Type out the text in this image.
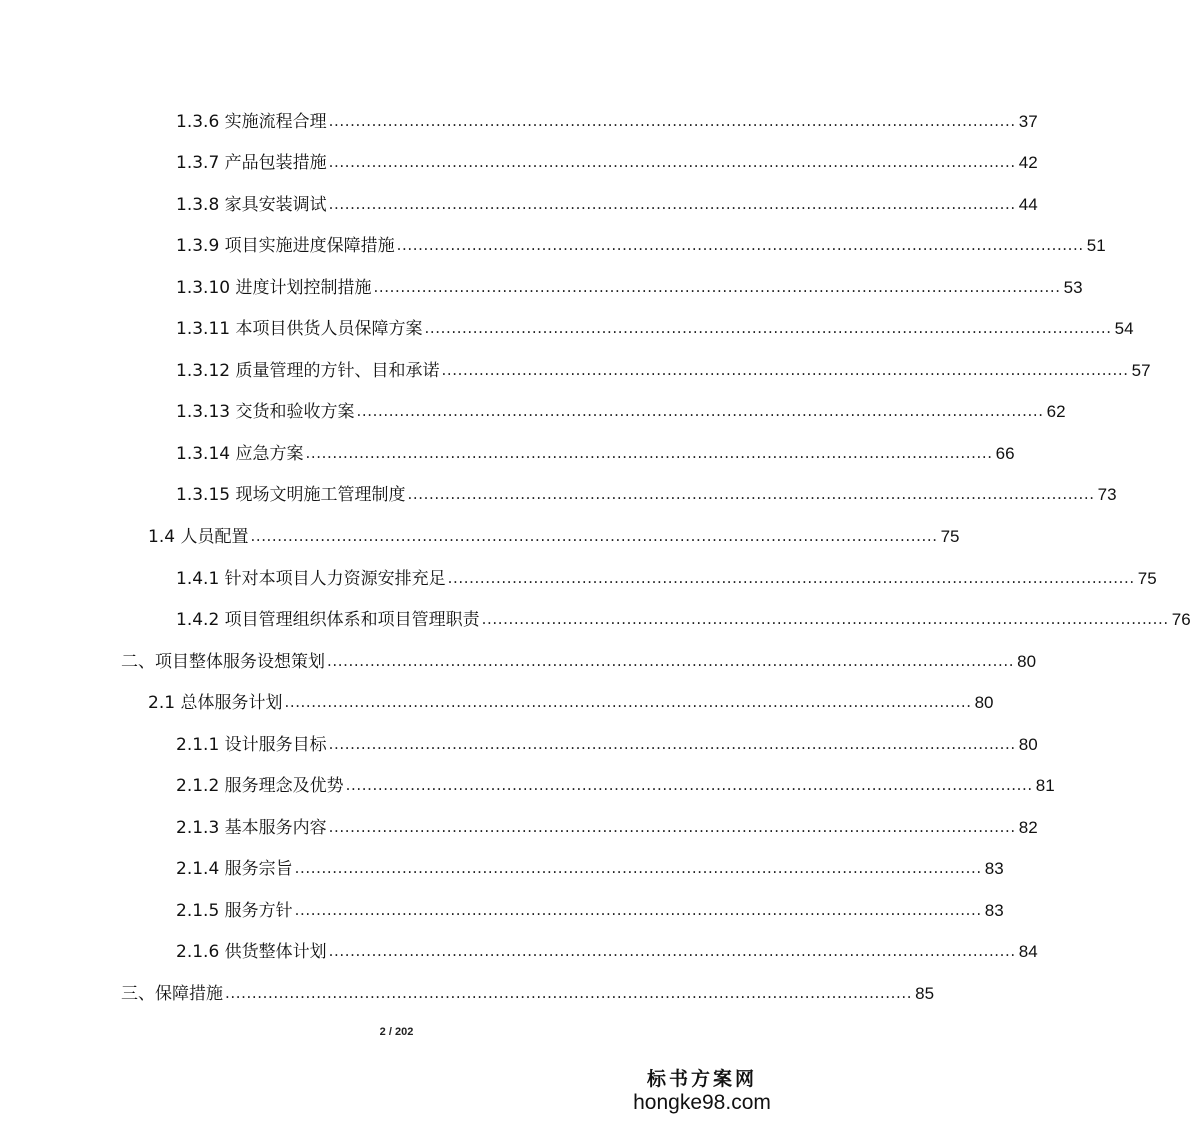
1.3.6 实施流程合理 ................................................................................................................................ 37
1.3.7 产品包装措施 ................................................................................................................................ 42
1.3.8 家具安装调试 ................................................................................................................................ 44
1.3.9 项目实施进度保障措施 ................................................................................................................................ 51
1.3.10 进度计划控制措施 ................................................................................................................................ 53
1.3.11 本项目供货人员保障方案 ................................................................................................................................ 54
1.3.12 质量管理的方针、目和承诺 ................................................................................................................................ 57
1.3.13 交货和验收方案 ................................................................................................................................ 62
1.3.14 应急方案 ................................................................................................................................ 66
1.3.15 现场文明施工管理制度 ................................................................................................................................ 73
1.4 人员配置 ................................................................................................................................ 75
1.4.1 针对本项目人力资源安排充足 ................................................................................................................................ 75
1.4.2 项目管理组织体系和项目管理职责 ................................................................................................................................ 76
二、项目整体服务设想策划 ................................................................................................................................ 80
2.1 总体服务计划 ................................................................................................................................ 80
2.1.1 设计服务目标 ................................................................................................................................ 80
2.1.2 服务理念及优势 ................................................................................................................................ 81
2.1.3 基本服务内容 ................................................................................................................................ 82
2.1.4 服务宗旨 ................................................................................................................................ 83
2.1.5 服务方针 ................................................................................................................................ 83
2.1.6 供货整体计划 ................................................................................................................................ 84
三、保障措施 ................................................................................................................................ 85
2 / 202
标书方案网
hongke98.com
